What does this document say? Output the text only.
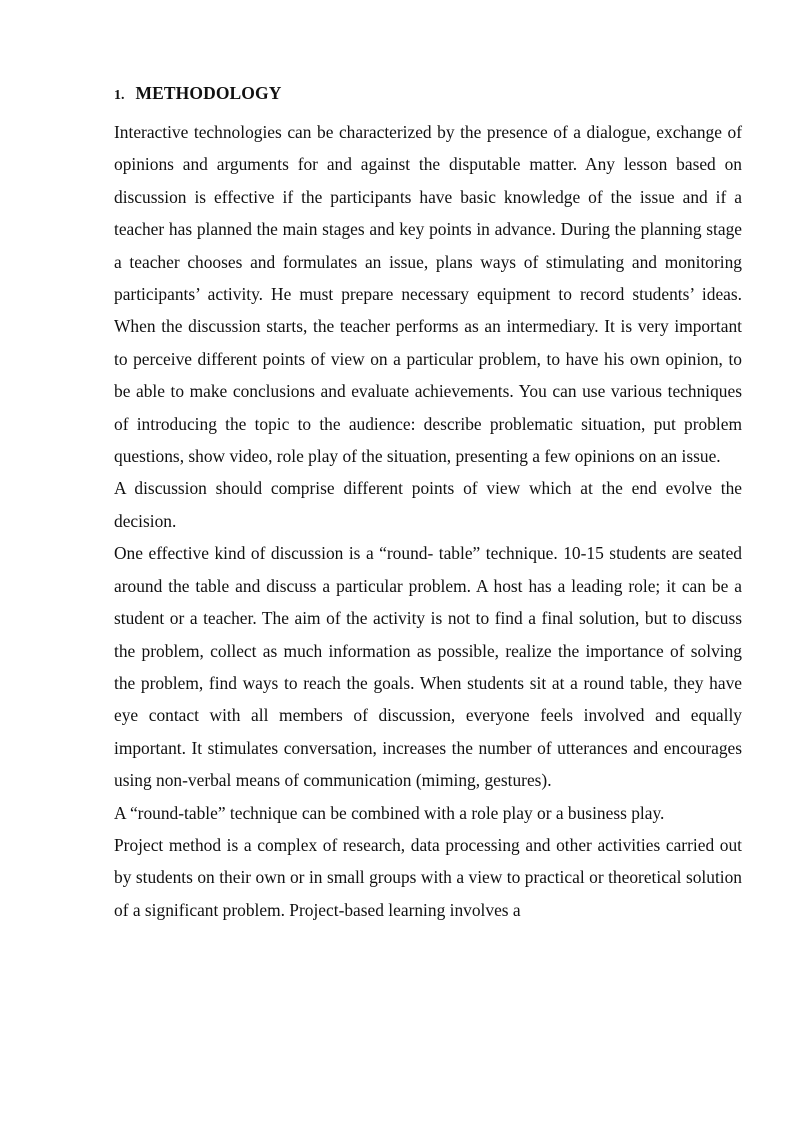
1. METHODOLOGY

Interactive technologies can be characterized by the presence of a dialogue, exchange of opinions and arguments for and against the disputable matter. Any lesson based on discussion is effective if the participants have basic knowledge of the issue and if a teacher has planned the main stages and key points in advance. During the planning stage a teacher chooses and formulates an issue, plans ways of stimulating and monitoring participants’ activity. He must prepare necessary equipment to record students’ ideas. When the discussion starts, the teacher performs as an intermediary. It is very important to perceive different points of view on a particular problem, to have his own opinion, to be able to make conclusions and evaluate achievements. You can use various techniques of introducing the topic to the audience: describe problematic situation, put problem questions, show video, role play of the situation, presenting a few opinions on an issue.

A discussion should comprise different points of view which at the end evolve the decision.

One effective kind of discussion is a “round- table” technique. 10-15 students are seated around the table and discuss a particular problem. A host has a leading role; it can be a student or a teacher. The aim of the activity is not to find a final solution, but to discuss the problem, collect as much information as possible, realize the importance of solving the problem, find ways to reach the goals. When students sit at a round table, they have eye contact with all members of discussion, everyone feels involved and equally important. It stimulates conversation, increases the number of utterances and encourages using non-verbal means of communication (miming, gestures).

A “round-table” technique can be combined with a role play or a business play.

Project method is a complex of research, data processing and other activities carried out by students on their own or in small groups with a view to practical or theoretical solution of a significant problem. Project-based learning involves a
